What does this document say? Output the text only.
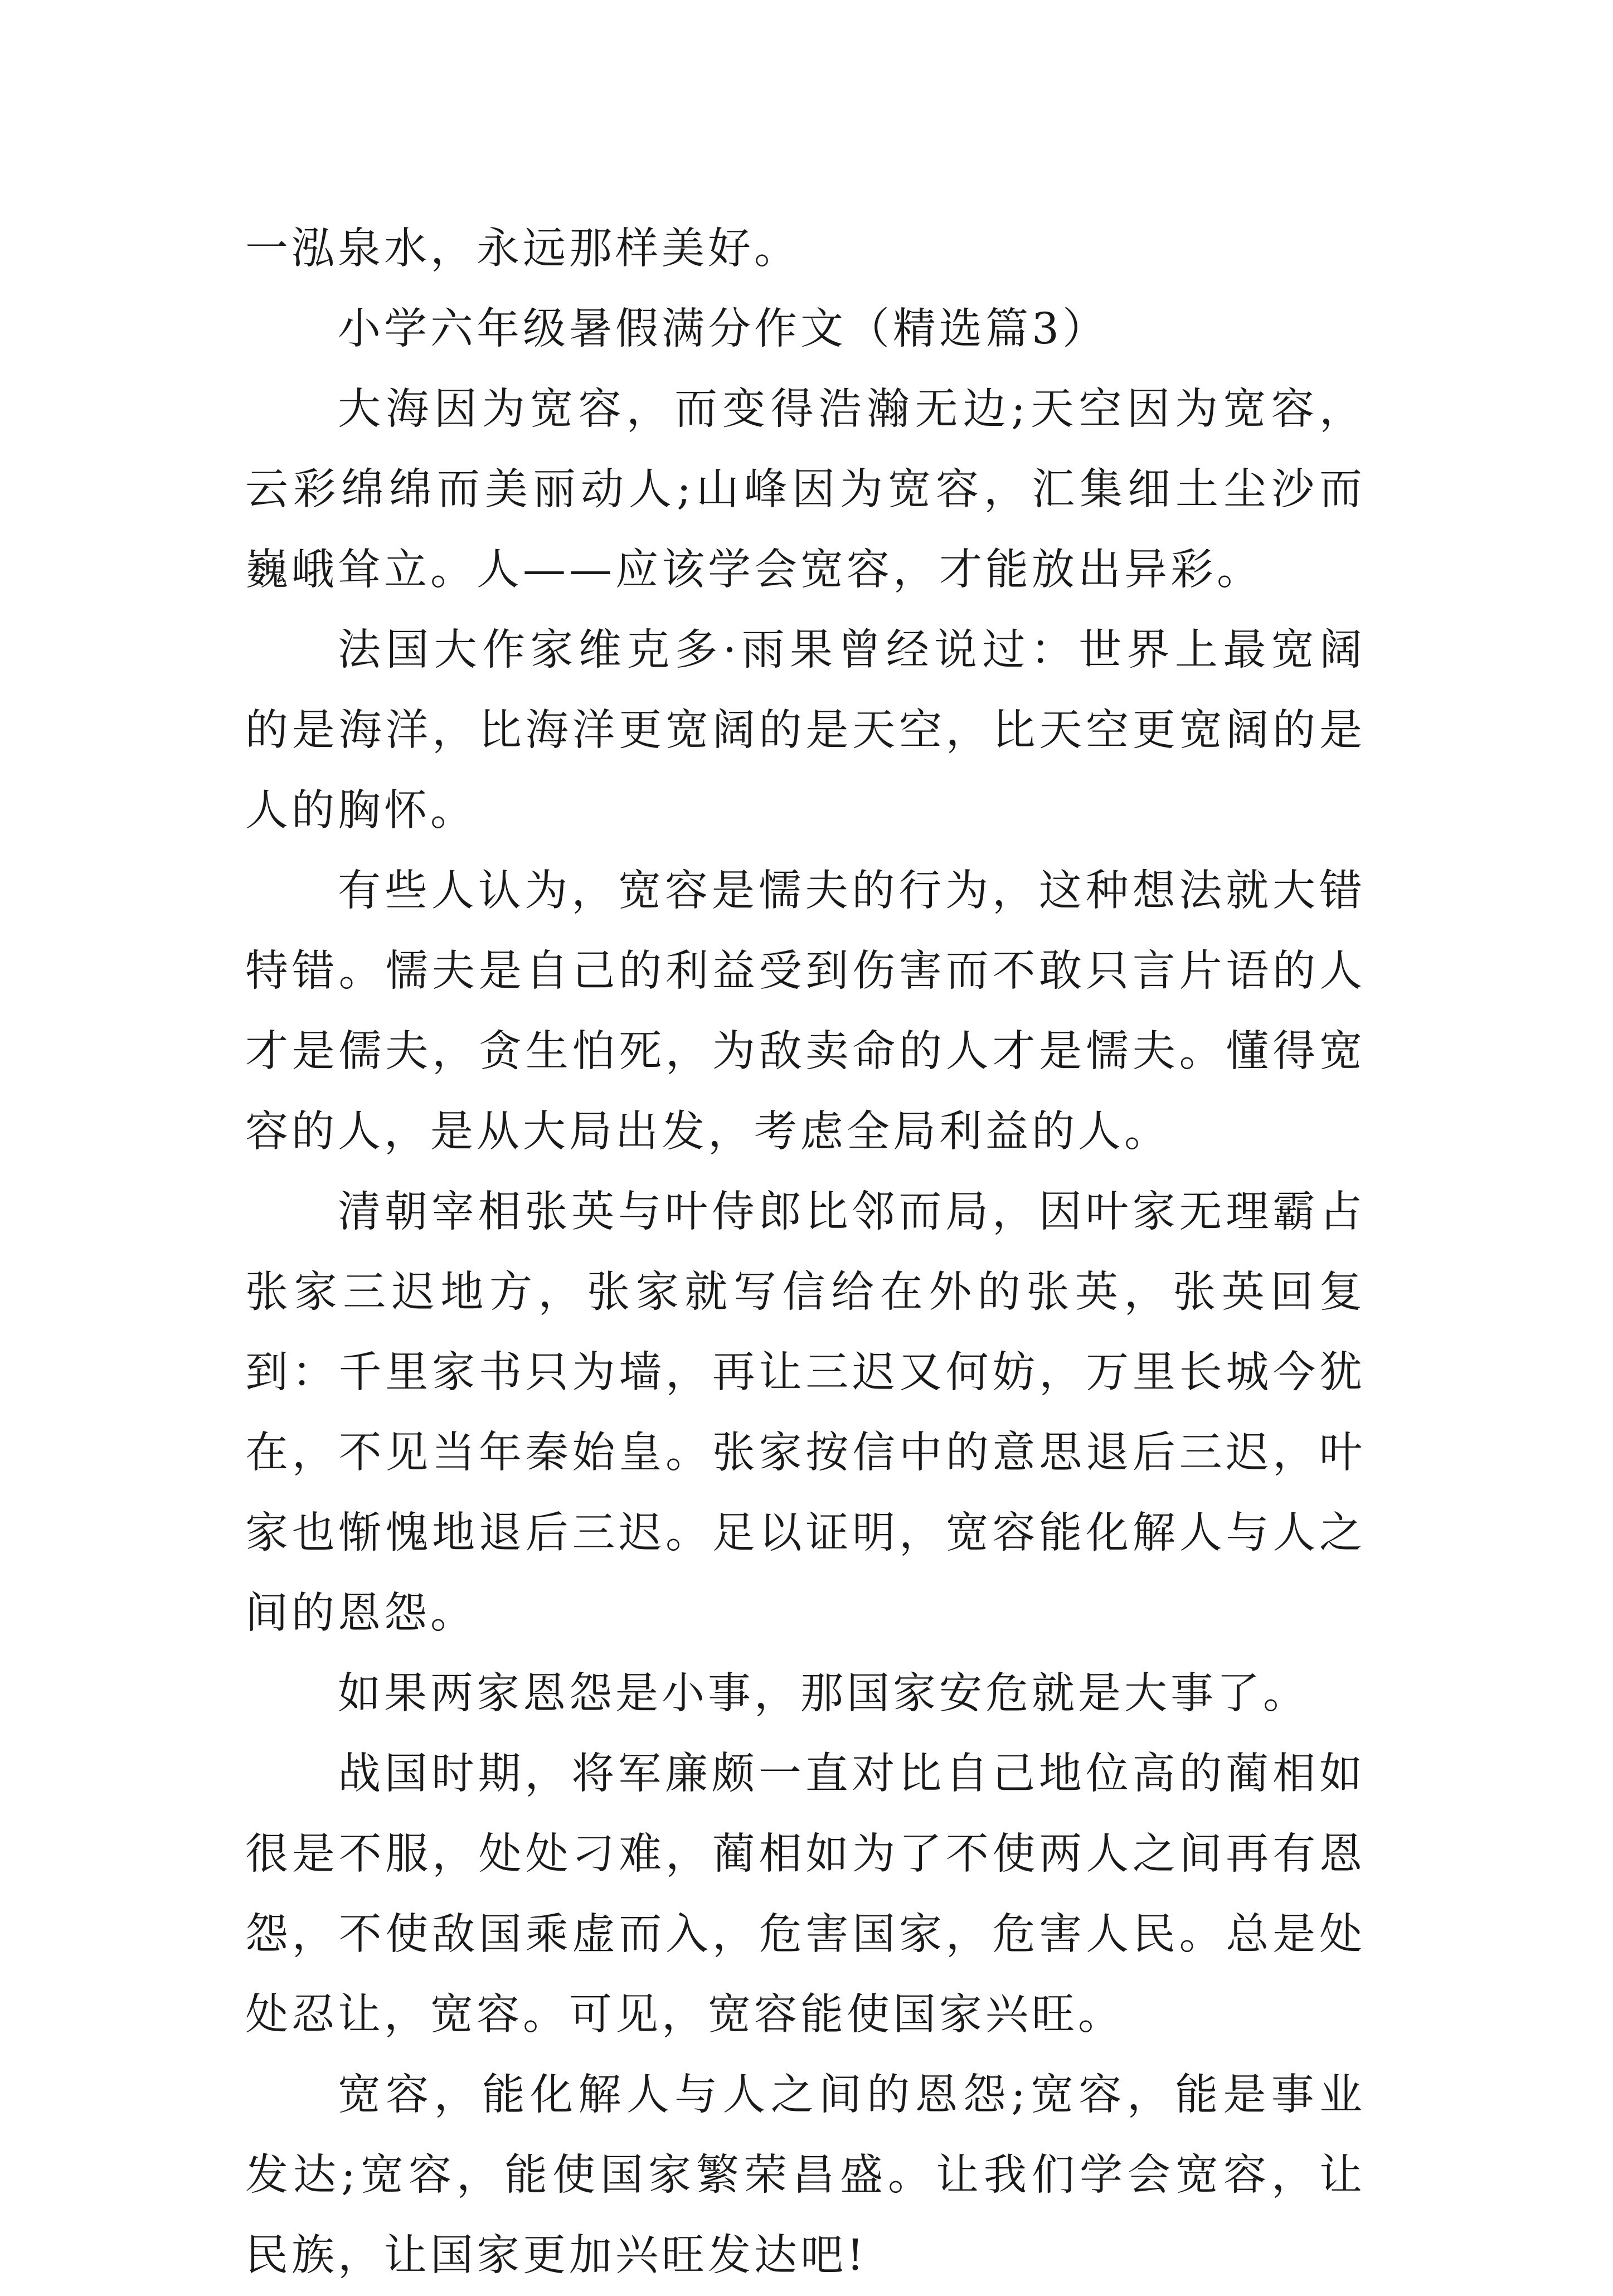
一泓泉水，永远那样美好。

小学六年级暑假满分作文（精选篇3）

大海因为宽容，而变得浩瀚无边;天空因为宽容，云彩绵绵而美丽动人;山峰因为宽容，汇集细土尘沙而巍峨耸立。人——应该学会宽容，才能放出异彩。

法国大作家维克多·雨果曾经说过：世界上最宽阔的是海洋，比海洋更宽阔的是天空，比天空更宽阔的是人的胸怀。

有些人认为，宽容是懦夫的行为，这种想法就大错特错。懦夫是自己的利益受到伤害而不敢只言片语的人才是儒夫，贪生怕死，为敌卖命的人才是懦夫。懂得宽容的人，是从大局出发，考虑全局利益的人。

清朝宰相张英与叶侍郎比邻而局，因叶家无理霸占张家三迟地方，张家就写信给在外的张英，张英回复到：千里家书只为墙，再让三迟又何妨，万里长城今犹在，不见当年秦始皇。张家按信中的意思退后三迟，叶家也惭愧地退后三迟。足以证明，宽容能化解人与人之间的恩怨。

如果两家恩怨是小事，那国家安危就是大事了。

战国时期，将军廉颇一直对比自己地位高的蔺相如很是不服，处处刁难，蔺相如为了不使两人之间再有恩怨，不使敌国乘虚而入，危害国家，危害人民。总是处处忍让，宽容。可见，宽容能使国家兴旺。

宽容，能化解人与人之间的恩怨;宽容，能是事业发达;宽容，能使国家繁荣昌盛。让我们学会宽容，让民族，让国家更加兴旺发达吧!
